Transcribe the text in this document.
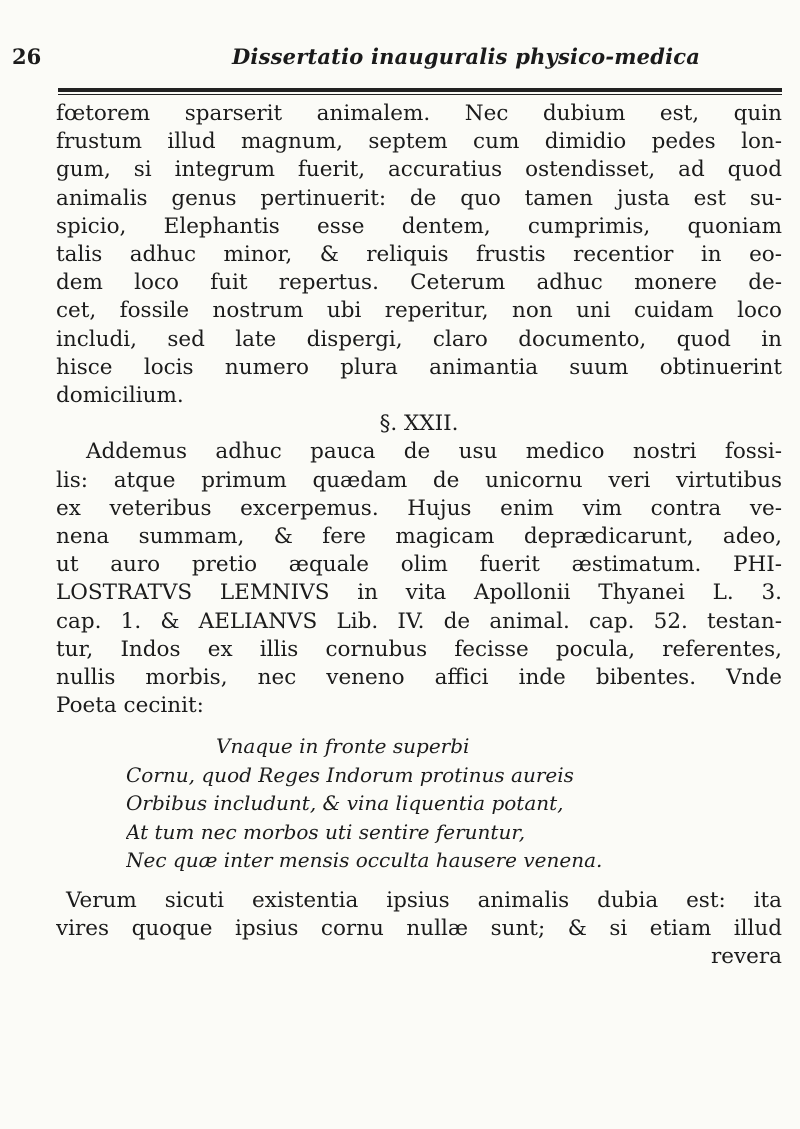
26	Dissertatio inauguralis physico-medica
fœtorem sparserit animalem. Nec dubium est, quin
frustum illud magnum, septem cum dimidio pedes lon-
gum, si integrum fuerit, accuratius ostendisset, ad quod
animalis genus pertinuerit: de quo tamen justa est su-
spicio, Elephantis esse dentem, cumprimis, quoniam
talis adhuc minor, & reliquis frustis recentior in eo-
dem loco fuit repertus. Ceterum adhuc monere de-
cet, fossile nostrum ubi reperitur, non uni cuidam loco
includi, sed late dispergi, claro documento, quod in
hisce locis numero plura animantia suum obtinuerint
domicilium.
§. XXII.
Addemus adhuc pauca de usu medico nostri fossi-
lis: atque primum quædam de unicornu veri virtutibus
ex veteribus excerpemus. Hujus enim vim contra ve-
nena summam, & fere magicam deprædicarunt, adeo,
ut auro pretio æquale olim fuerit æstimatum. PHI-
LOSTRATVS LEMNIVS in vita Apollonii Thyanei L. 3.
cap. 1. & AELIANVS Lib. IV. de animal. cap. 52. testan-
tur, Indos ex illis cornubus fecisse pocula, referentes,
nullis morbis, nec veneno affici inde bibentes. Vnde
Poeta cecinit:
Vnaque in fronte superbi
Cornu, quod Reges Indorum protinus aureis
Orbibus includunt, & vina liquentia potant,
At tum nec morbos uti sentire feruntur,
Nec quæ inter mensis occulta hausere venena.
Verum sicuti existentia ipsius animalis dubia est: ita
vires quoque ipsius cornu nullæ sunt; & si etiam illud
revera
